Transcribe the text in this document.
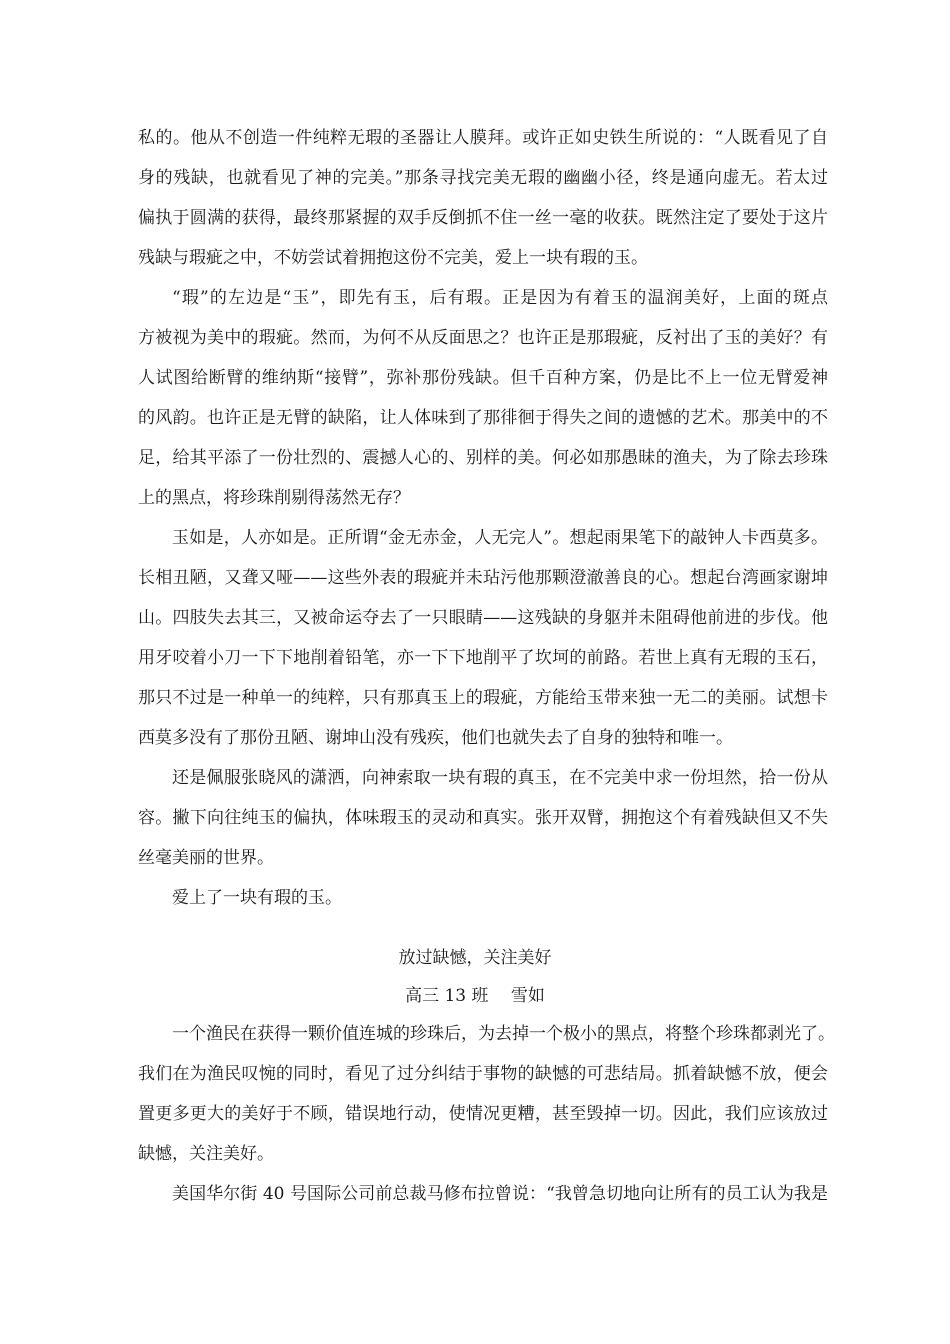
私的。他从不创造一件纯粹无瑕的圣器让人膜拜。或许正如史铁生所说的：“人既看见了自
身的残缺，也就看见了神的完美。”那条寻找完美无瑕的幽幽小径，终是通向虚无。若太过
偏执于圆满的获得，最终那紧握的双手反倒抓不住一丝一毫的收获。既然注定了要处于这片
残缺与瑕疵之中，不妨尝试着拥抱这份不完美，爱上一块有瑕的玉。
“瑕”的左边是“玉”，即先有玉，后有瑕。正是因为有着玉的温润美好，上面的斑点
方被视为美中的瑕疵。然而，为何不从反面思之？也许正是那瑕疵，反衬出了玉的美好？有
人试图给断臂的维纳斯“接臂”，弥补那份残缺。但千百种方案，仍是比不上一位无臂爱神
的风韵。也许正是无臂的缺陷，让人体味到了那徘徊于得失之间的遗憾的艺术。那美中的不
足，给其平添了一份壮烈的、震撼人心的、别样的美。何必如那愚昧的渔夫，为了除去珍珠
上的黑点，将珍珠削剔得荡然无存？
玉如是，人亦如是。正所谓“金无赤金，人无完人”。想起雨果笔下的敲钟人卡西莫多。
长相丑陋，又聋又哑——这些外表的瑕疵并未玷污他那颗澄澈善良的心。想起台湾画家谢坤
山。四肢失去其三，又被命运夺去了一只眼睛——这残缺的身躯并未阻碍他前进的步伐。他
用牙咬着小刀一下下地削着铅笔，亦一下下地削平了坎坷的前路。若世上真有无瑕的玉石，
那只不过是一种单一的纯粹，只有那真玉上的瑕疵，方能给玉带来独一无二的美丽。试想卡
西莫多没有了那份丑陋、谢坤山没有残疾，他们也就失去了自身的独特和唯一。
还是佩服张晓风的潇洒，向神索取一块有瑕的真玉，在不完美中求一份坦然，拾一份从
容。撇下向往纯玉的偏执，体味瑕玉的灵动和真实。张开双臂，拥抱这个有着残缺但又不失
丝毫美丽的世界。
爱上了一块有瑕的玉。
放过缺憾，关注美好
高三 13 班　 雪如
一个渔民在获得一颗价值连城的珍珠后，为去掉一个极小的黑点，将整个珍珠都剥光了。
我们在为渔民叹惋的同时，看见了过分纠结于事物的缺憾的可悲结局。抓着缺憾不放，便会
置更多更大的美好于不顾，错误地行动，使情况更糟，甚至毁掉一切。因此，我们应该放过
缺憾，关注美好。
美国华尔街 40 号国际公司前总裁马修布拉曾说：“我曾急切地向让所有的员工认为我是
